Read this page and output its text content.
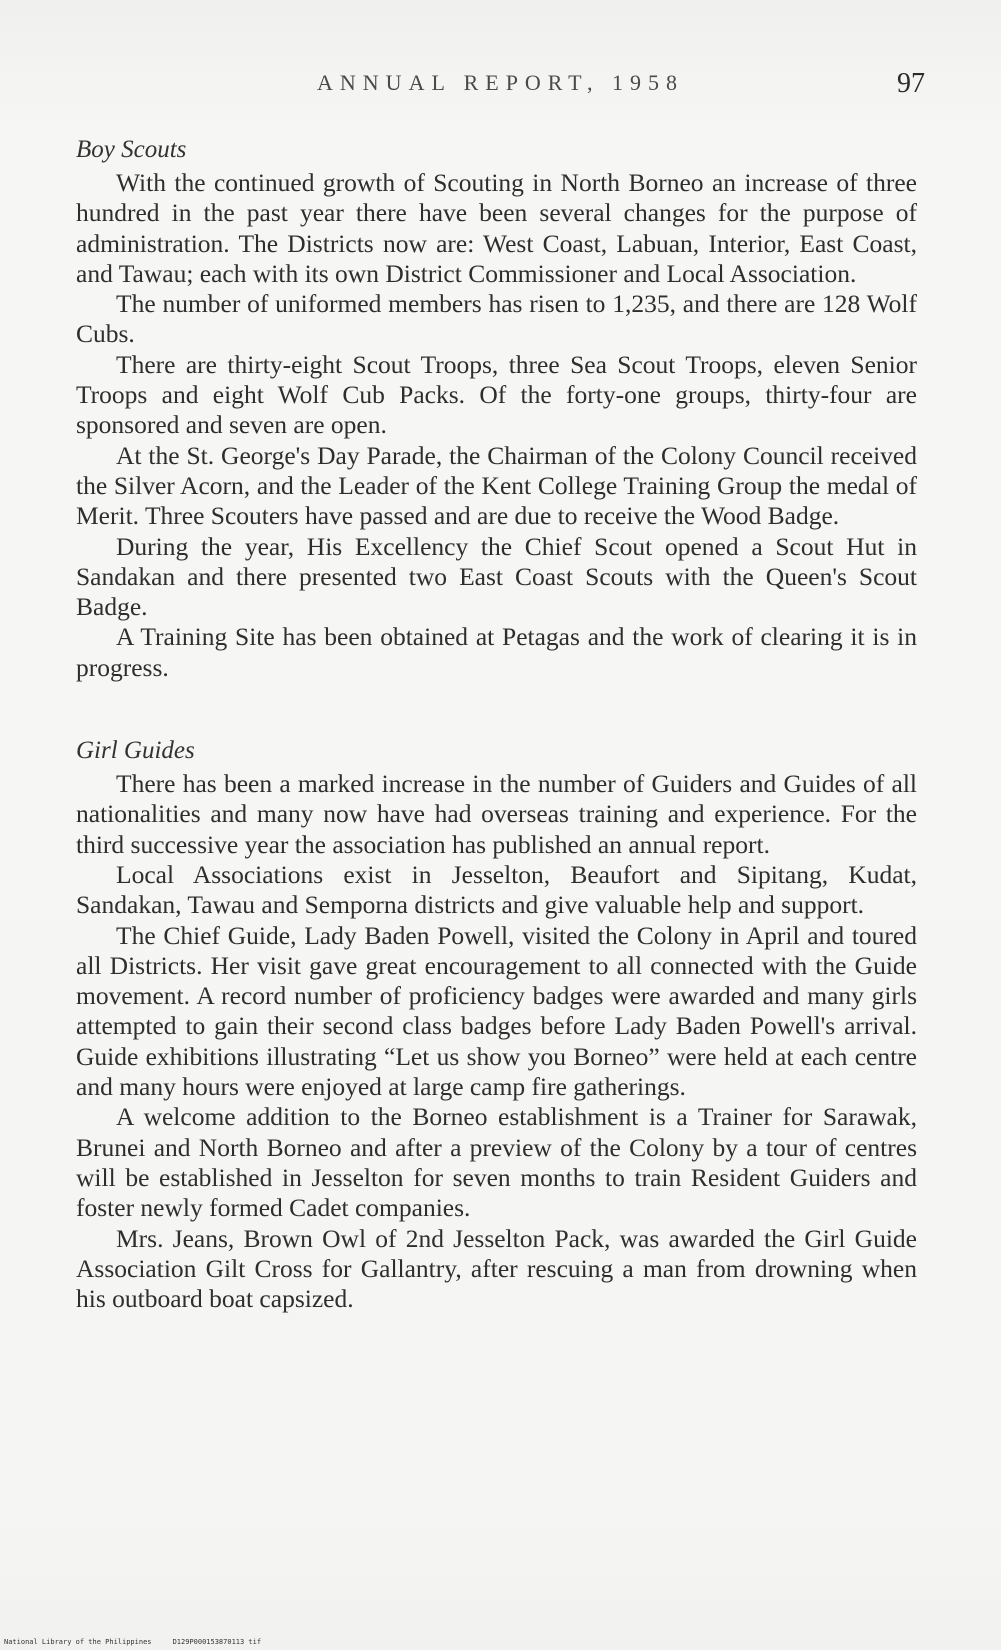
ANNUAL REPORT, 1958	97

Boy Scouts

With the continued growth of Scouting in North Borneo an increase of three hundred in the past year there have been several changes for the purpose of administration. The Districts now are: West Coast, Labuan, Interior, East Coast, and Tawau; each with its own District Commissioner and Local Association.

The number of uniformed members has risen to 1,235, and there are 128 Wolf Cubs.

There are thirty-eight Scout Troops, three Sea Scout Troops, eleven Senior Troops and eight Wolf Cub Packs. Of the forty-one groups, thirty-four are sponsored and seven are open.

At the St. George's Day Parade, the Chairman of the Colony Council received the Silver Acorn, and the Leader of the Kent College Training Group the medal of Merit. Three Scouters have passed and are due to receive the Wood Badge.

During the year, His Excellency the Chief Scout opened a Scout Hut in Sandakan and there presented two East Coast Scouts with the Queen's Scout Badge.

A Training Site has been obtained at Petagas and the work of clearing it is in progress.

Girl Guides

There has been a marked increase in the number of Guiders and Guides of all nationalities and many now have had overseas training and experience. For the third successive year the association has published an annual report.

Local Associations exist in Jesselton, Beaufort and Sipitang, Kudat, Sandakan, Tawau and Semporna districts and give valuable help and support.

The Chief Guide, Lady Baden Powell, visited the Colony in April and toured all Districts. Her visit gave great encouragement to all connected with the Guide movement. A record number of proficiency badges were awarded and many girls attempted to gain their second class badges before Lady Baden Powell's arrival. Guide exhibitions illustrating “Let us show you Borneo” were held at each centre and many hours were enjoyed at large camp fire gatherings.

A welcome addition to the Borneo establishment is a Trainer for Sarawak, Brunei and North Borneo and after a preview of the Colony by a tour of centres will be established in Jesselton for seven months to train Resident Guiders and foster newly formed Cadet companies.

Mrs. Jeans, Brown Owl of 2nd Jesselton Pack, was awarded the Girl Guide Association Gilt Cross for Gallantry, after rescuing a man from drowning when his outboard boat capsized.

National Library of the Philippines     D129P000153870113 tif
